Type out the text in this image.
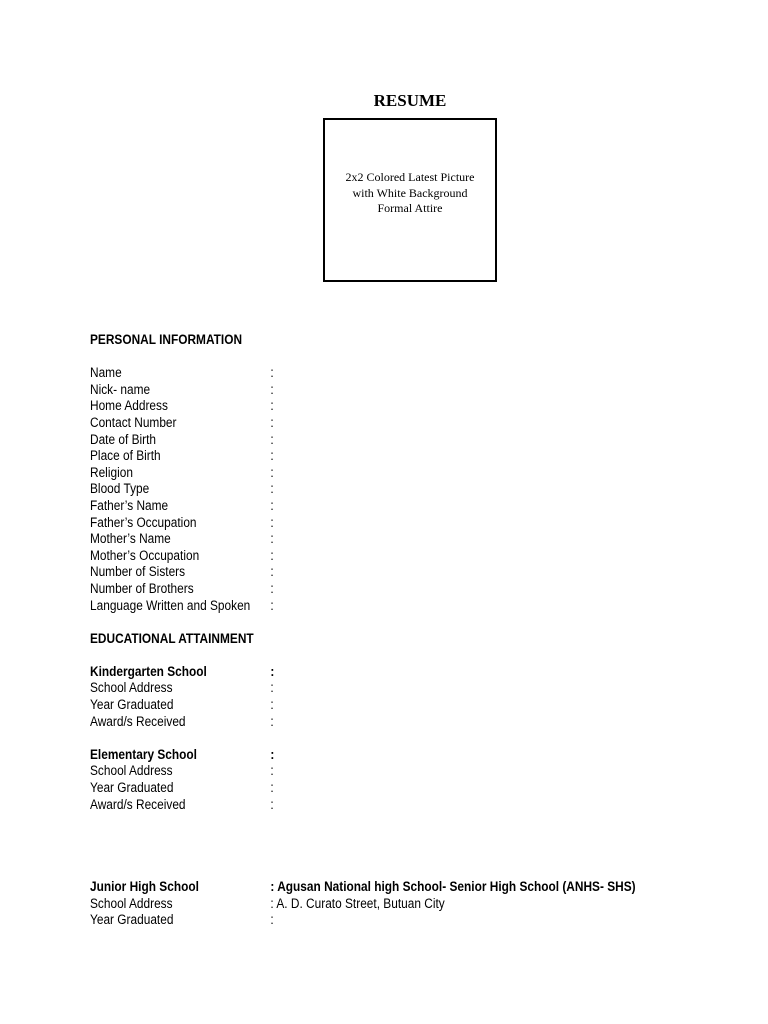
RESUME
2x2 Colored Latest Picture
with White Background
Formal Attire
PERSONAL INFORMATION
Name	:
Nick- name	:
Home Address	:
Contact Number	:
Date of Birth	:
Place of Birth	:
Religion	:
Blood Type	:
Father’s Name	:
Father’s Occupation	:
Mother’s Name	:
Mother’s Occupation	:
Number of Sisters	:
Number of Brothers	:
Language Written and Spoken :
EDUCATIONAL ATTAINMENT
Kindergarten School	:
School Address	:
Year Graduated	:
Award/s Received	:
Elementary School	:
School Address	:
Year Graduated	:
Award/s Received	:
Junior High School	: Agusan National high School- Senior High School (ANHS- SHS)
School Address	: A. D. Curato Street, Butuan City
Year Graduated	:
